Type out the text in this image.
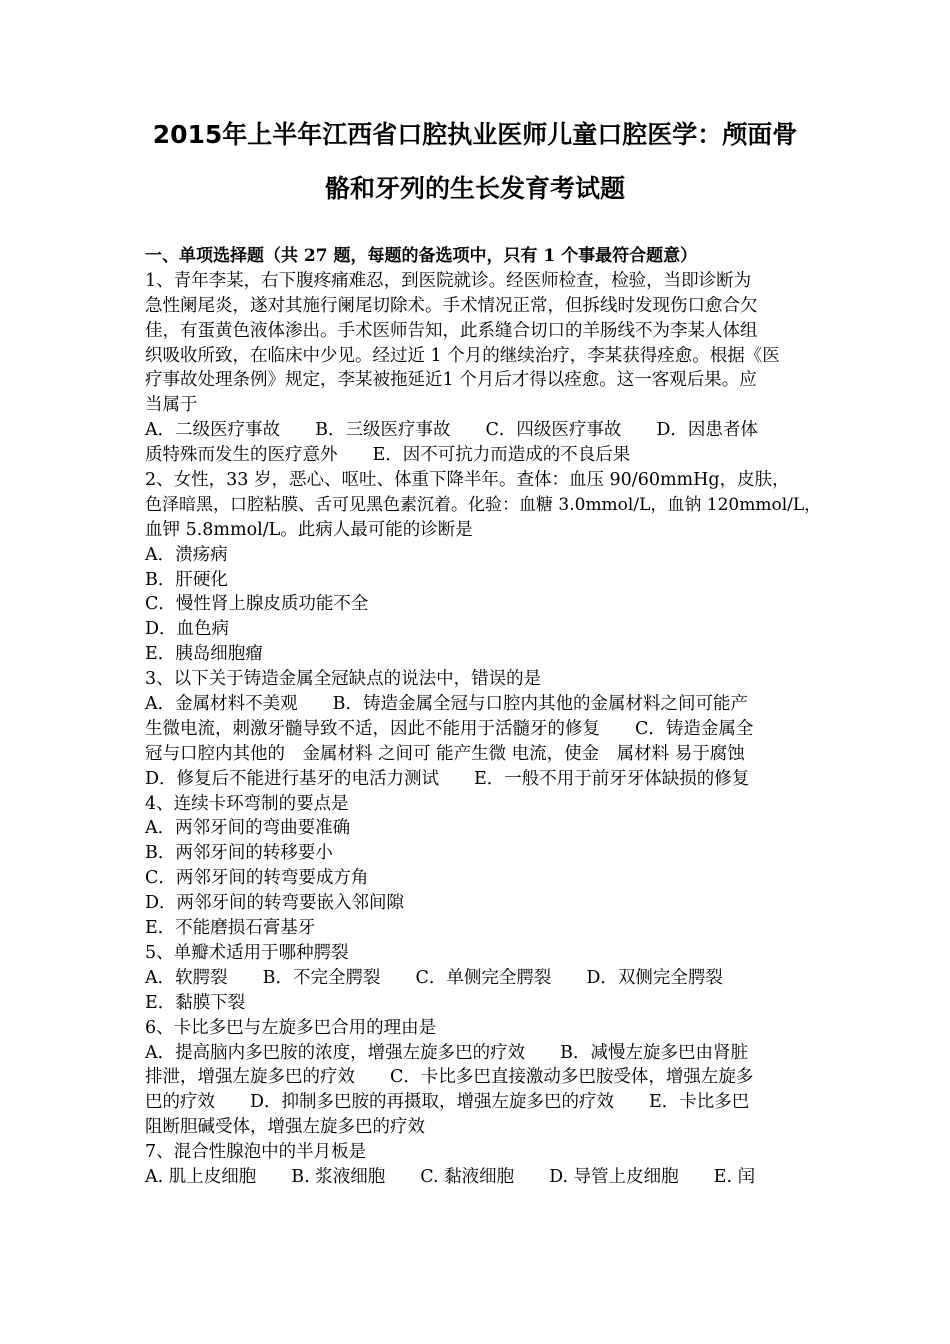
2015年上半年江西省口腔执业医师儿童口腔医学：颅面骨
骼和牙列的生长发育考试题
一、单项选择题（共 27 题，每题的备选项中，只有 1 个事最符合题意）
1、青年李某，右下腹疼痛难忍，到医院就诊。经医师检查，检验，当即诊断为
急性阑尾炎，遂对其施行阑尾切除术。手术情况正常，但拆线时发现伤口愈合欠
佳，有蛋黄色液体渗出。手术医师告知，此系缝合切口的羊肠线不为李某人体组
织吸收所致，在临床中少见。经过近 1 个月的继续治疗，李某获得痊愈。根据《医
疗事故处理条例》规定，李某被拖延近1 个月后才得以痊愈。这一客观后果。应
当属于
A．二级医疗事故　　B．三级医疗事故　　C．四级医疗事故　　D．因患者体
质特殊而发生的医疗意外　　E．因不可抗力而造成的不良后果
2、女性，33 岁，恶心、呕吐、体重下降半年。查体：血压 90/60mmHg，皮肤，
色泽暗黑，口腔粘膜、舌可见黑色素沉着。化验：血糖 3.0mmol/L，血钠 120mmol/L，
血钾 5.8mmol/L。此病人最可能的诊断是
A．溃疡病
B．肝硬化
C．慢性肾上腺皮质功能不全
D．血色病
E．胰岛细胞瘤
3、以下关于铸造金属全冠缺点的说法中，错误的是
A．金属材料不美观　　B．铸造金属全冠与口腔内其他的金属材料之间可能产
生微电流，刺激牙髓导致不适，因此不能用于活髓牙的修复　　C．铸造金属全
冠与口腔内其他的　金属材料 之间可 能产生微 电流，使金　属材料 易于腐蚀
D．修复后不能进行基牙的电活力测试　　E．一般不用于前牙牙体缺损的修复
4、连续卡环弯制的要点是
A．两邻牙间的弯曲要准确
B．两邻牙间的转移要小
C．两邻牙间的转弯要成方角
D．两邻牙间的转弯要嵌入邻间隙
E．不能磨损石膏基牙
5、单瓣术适用于哪种腭裂
A．软腭裂　　B．不完全腭裂　　C．单侧完全腭裂　　D．双侧完全腭裂
E．黏膜下裂
6、卡比多巴与左旋多巴合用的理由是
A．提高脑内多巴胺的浓度，增强左旋多巴的疗效　　B．减慢左旋多巴由肾脏
排泄，增强左旋多巴的疗效　　C．卡比多巴直接激动多巴胺受体，增强左旋多
巴的疗效　　D．抑制多巴胺的再摄取，增强左旋多巴的疗效　　E．卡比多巴
阻断胆碱受体，增强左旋多巴的疗效
7、混合性腺泡中的半月板是
A. 肌上皮细胞　　B. 浆液细胞　　C. 黏液细胞　　D. 导管上皮细胞　　E. 闰
